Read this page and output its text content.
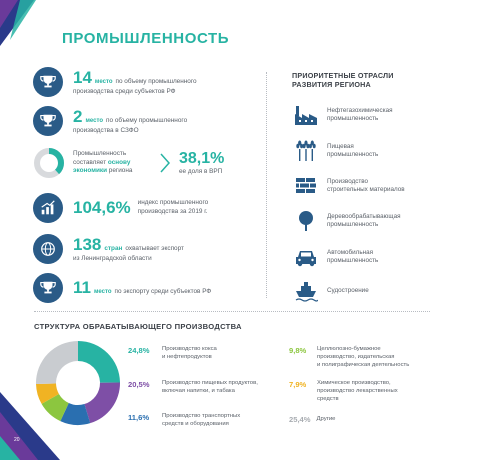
ПРОМЫШЛЕННОСТЬ
14 место по объему промышленного
производства среди субъектов РФ
2 место по объему промышленного
производства в СЗФО
Промышленность
составляет основу
экономики региона
38,1%
ее доля в ВРП
104,6% индекс промышленного
производства за 2019 г.
138 стран охватывает экспорт
из Ленинградской области
11 место по экспорту среди субъектов РФ
ПРИОРИТЕТНЫЕ ОТРАСЛИ
РАЗВИТИЯ РЕГИОНА
Нефтегазохимическая
промышленность
Пищевая
промышленность
Производство
строительных материалов
Деревообрабатывающая
промышленность
Автомобильная
промышленность
Судостроение
СТРУКТУРА ОБРАБАТЫВАЮЩЕГО ПРОИЗВОДСТВА
24,8%	Производство кокса
и нефтепродуктов
20,5%	Производство пищевых продуктов,
включая напитки, и табака
11,6%	Производство транспортных
средств и оборудования
9,8%	Целлюлозно-бумажное
производство, издательская
и полиграфическая деятельность
7,9%	Химическое производство,
производство лекарственных
средств
25,4% Другие
20
